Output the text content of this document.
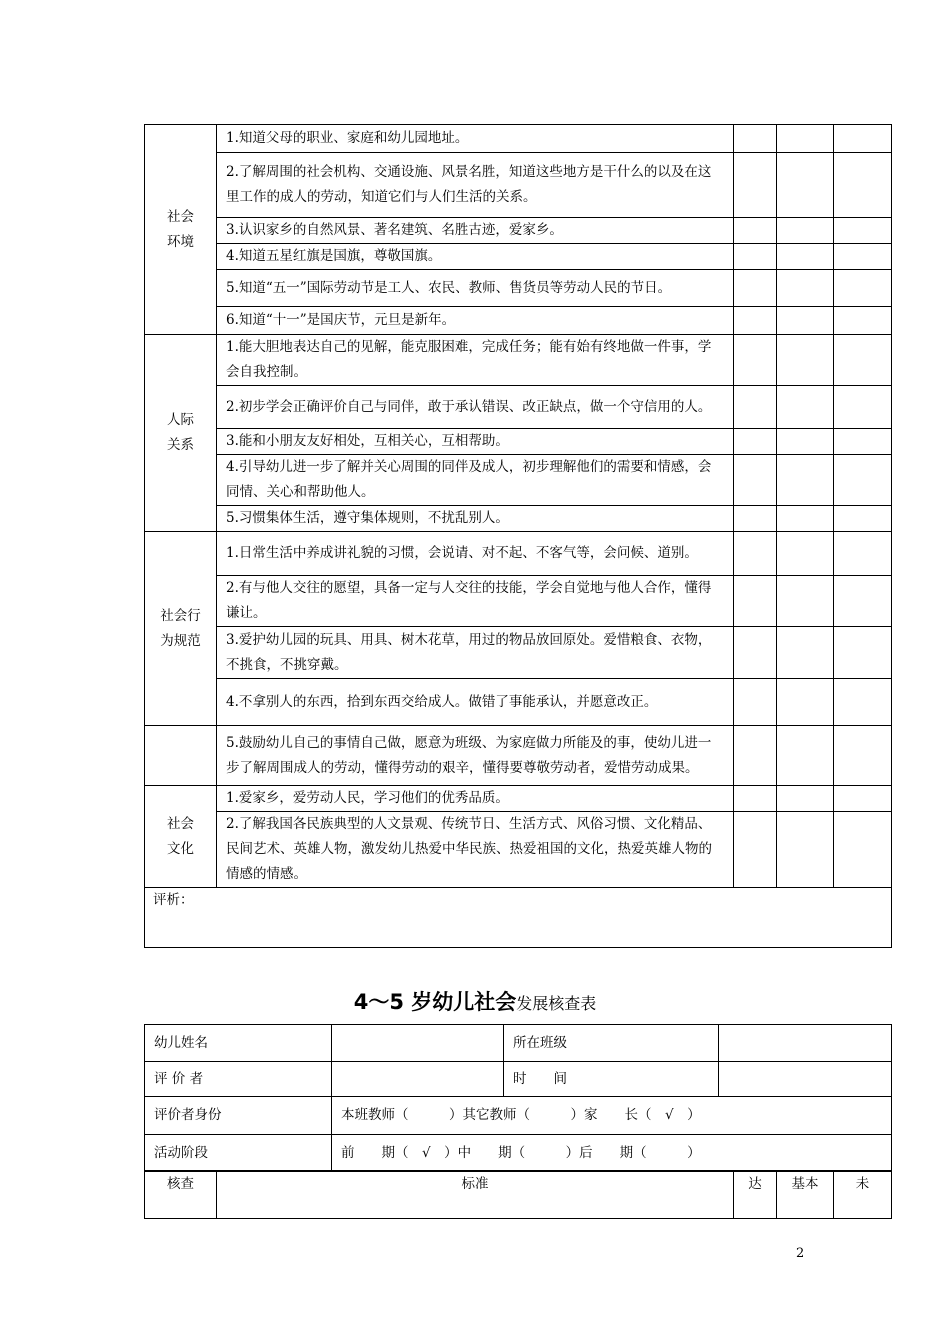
社会
环境	1.知道父母的职业、家庭和幼儿园地址。			
	2.了解周围的社会机构、交通设施、风景名胜，知道这些地方是干什么的以及在这里工作的成人的劳动，知道它们与人们生活的关系。			
	3.认识家乡的自然风景、著名建筑、名胜古迹，爱家乡。			
	4.知道五星红旗是国旗，尊敬国旗。			
	5.知道“五一”国际劳动节是工人、农民、教师、售货员等劳动人民的节日。			
	6.知道“十一”是国庆节，元旦是新年。			

人际
关系	1.能大胆地表达自己的见解，能克服困难，完成任务；能有始有终地做一件事，学会自我控制。			
	2.初步学会正确评价自己与同伴，敢于承认错误、改正缺点，做一个守信用的人。			
	3.能和小朋友友好相处，互相关心，互相帮助。			
	4.引导幼儿进一步了解并关心周围的同伴及成人，初步理解他们的需要和情感，会同情、关心和帮助他人。			
	5.习惯集体生活，遵守集体规则，不扰乱别人。			

社会行
为规范	1.日常生活中养成讲礼貌的习惯，会说请、对不起、不客气等，会问候、道别。			
	2.有与他人交往的愿望，具备一定与人交往的技能，学会自觉地与他人合作，懂得谦让。			
	3.爱护幼儿园的玩具、用具、树木花草，用过的物品放回原处。爱惜粮食、衣物，不挑食，不挑穿戴。			
	4.不拿别人的东西，拾到东西交给成人。做错了事能承认，并愿意改正。			
	5.鼓励幼儿自己的事情自己做，愿意为班级、为家庭做力所能及的事，使幼儿进一步了解周围成人的劳动，懂得劳动的艰辛，懂得要尊敬劳动者，爱惜劳动成果。			

社会
文化	1.爱家乡，爱劳动人民，学习他们的优秀品质。			
	2.了解我国各民族典型的人文景观、传统节日、生活方式、风俗习惯、文化精品、民间艺术、英雄人物，激发幼儿热爱中华民族、热爱祖国的文化，热爱英雄人物的情感的情感。			
评析：				
4～5 岁幼儿社会发展核查表
幼儿姓名		所在班级	
评 价 者		时　　间	
评价者身份	本班教师（　　　）其它教师（　　　）家　　长（　√　）		
活动阶段	前　　期（　√　）中　　期（　　　）后　　期（　　　）		
核查	标准	达	基本	未
2
